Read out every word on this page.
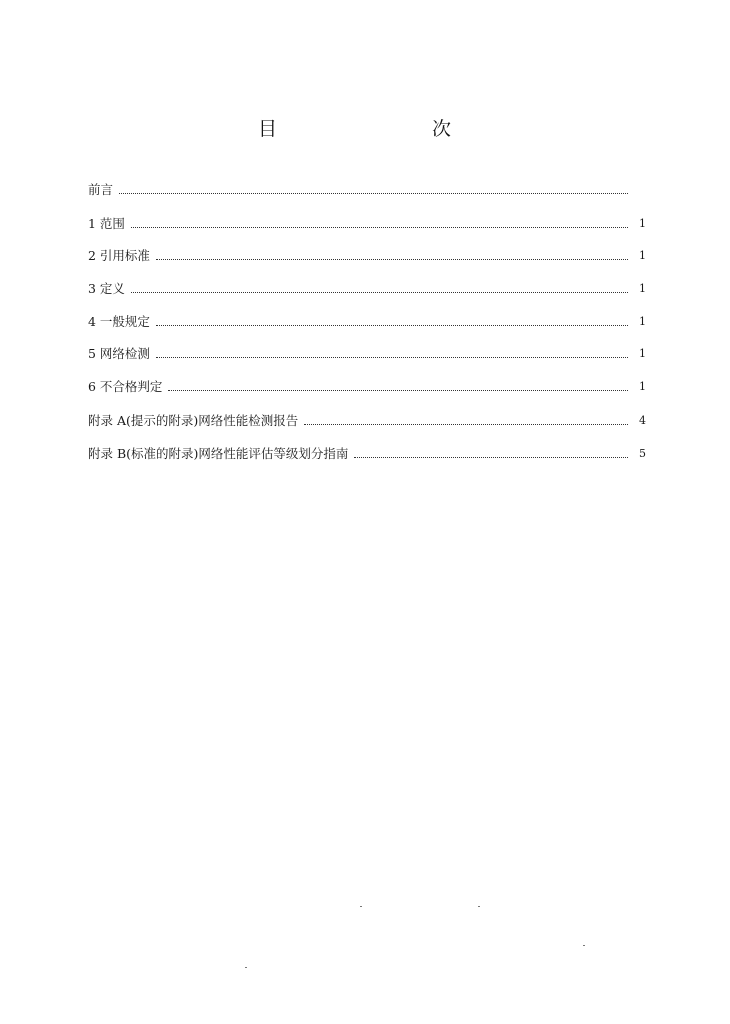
目	次
前言
1 范围	1
2 引用标准	1
3 定义	1
4 一般规定	1
5 网络检测	1
6 不合格判定	1
附录 A(提示的附录)网络性能检测报告	4
附录 B(标准的附录)网络性能评估等级划分指南	5
